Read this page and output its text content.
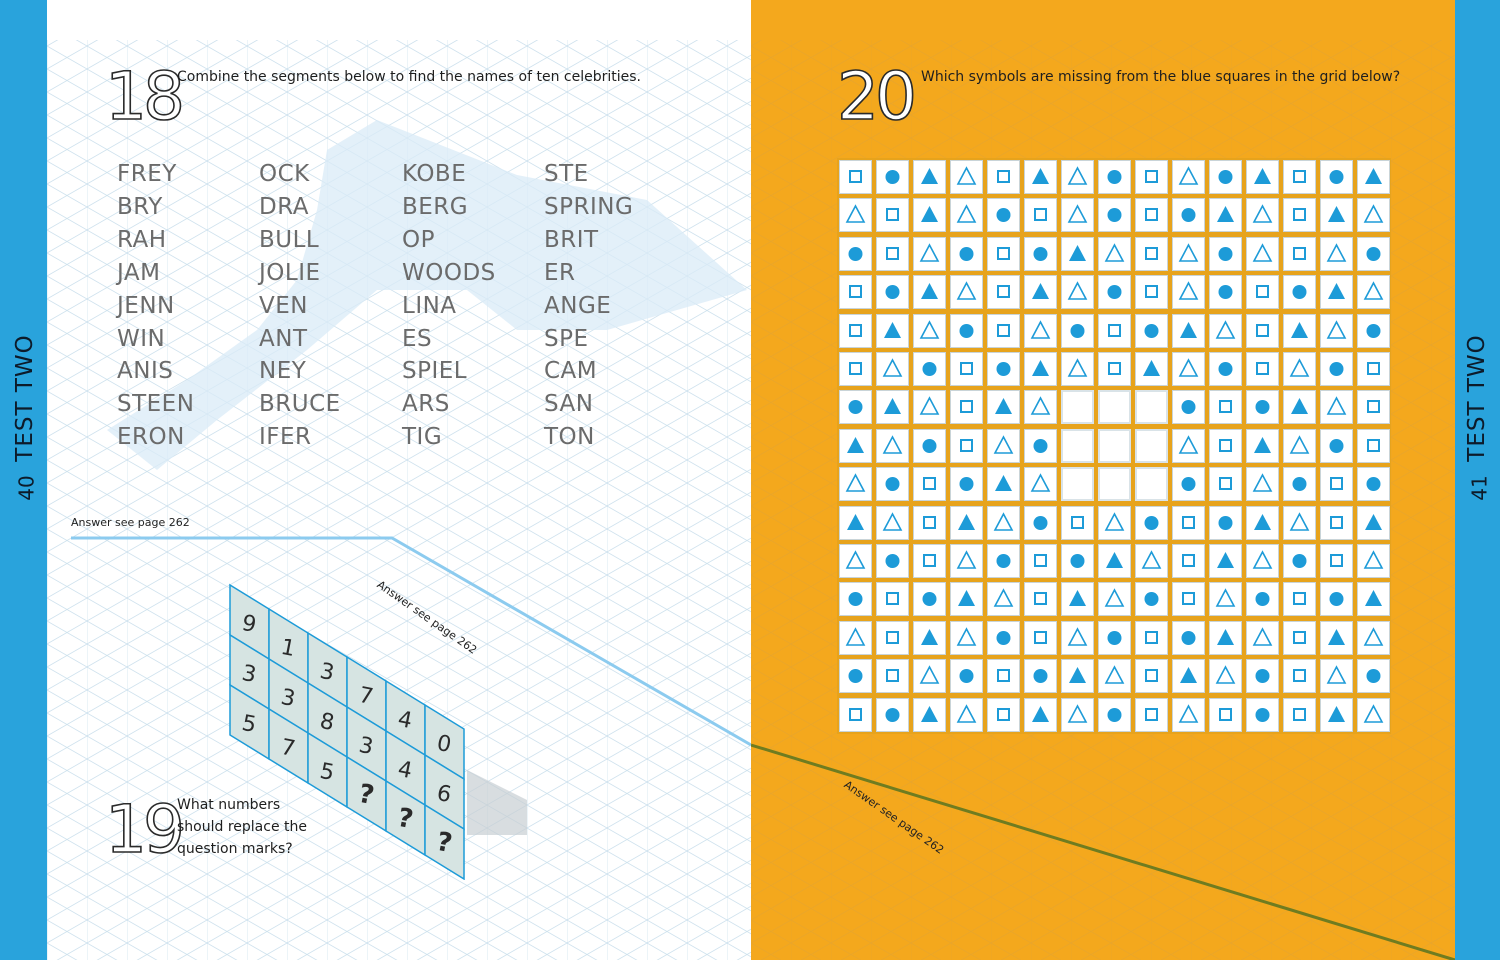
TEST TWO
40
TEST TWO
41
18
Combine the segments below to find the names of ten celebrities.
FREY
BRY
RAH
JAM
JENN
WIN
ANIS
STEEN
ERON
OCK
DRA
BULL
JOLIE
VEN
ANT
NEY
BRUCE
IFER
KOBE
BERG
OP
WOODS
LINA
ES
SPIEL
ARS
TIG
STE
SPRING
BRIT
ER
ANGE
SPE
CAM
SAN
TON
Answer see page 262
Answer see page 262
19
What numbers
should replace the
question marks?
9
1
3
7
4
0
3
3
8
3
4
6
5
7
5
?
?
?
20 Which symbols are missing from the blue squares in the grid below?
Answer see page 262
